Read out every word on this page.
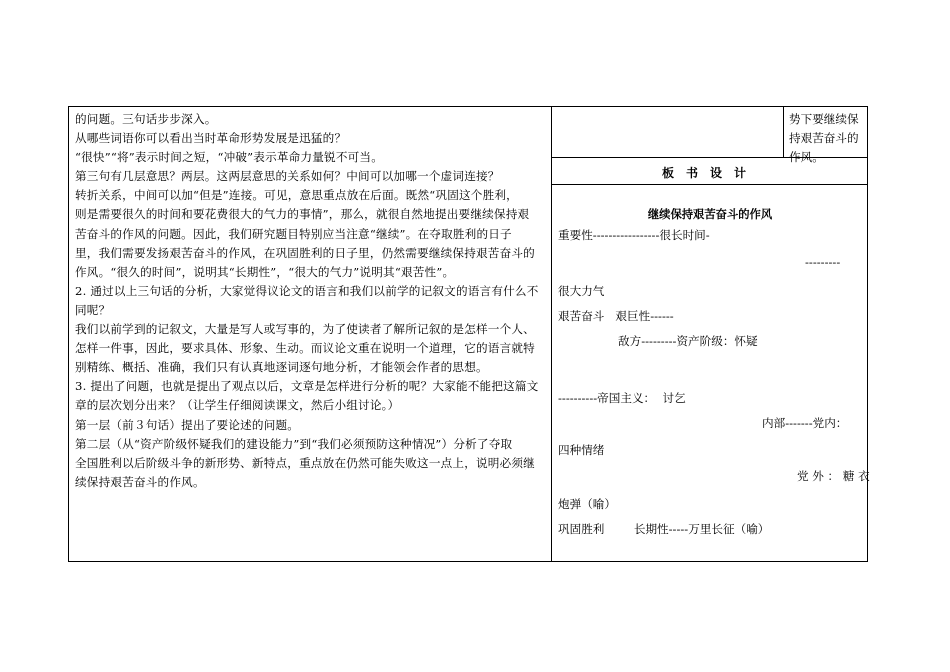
的问题。三句话步步深入。

从哪些词语你可以看出当时革命形势发展是迅猛的？

“很快”“将”表示时间之短，“冲破”表示革命力量锐不可当。

第三句有几层意思？两层。这两层意思的关系如何？中间可以加哪一个虚词连接？

转折关系，中间可以加“但是”连接。可见，意思重点放在后面。既然“巩固这个胜利，

则是需要很久的时间和要花费很大的气力的事情”，那么，就很自然地提出要继续保持艰

苦奋斗的作风的问题。因此，我们研究题目特别应当注意“继续”。在夺取胜利的日子

里，我们需要发扬艰苦奋斗的作风，在巩固胜利的日子里，仍然需要继续保持艰苦奋斗的

作风。“很久的时间”，说明其“长期性”，“很大的气力”说明其“艰苦性”。

2. 通过以上三句话的分析，大家觉得议论文的语言和我们以前学的记叙文的语言有什么不

同呢？

我们以前学到的记叙文，大量是写人或写事的，为了使读者了解所记叙的是怎样一个人、

怎样一件事，因此，要求具体、形象、生动。而议论文重在说明一个道理，它的语言就特

别精练、概括、准确，我们只有认真地逐词逐句地分析，才能领会作者的思想。

3. 提出了问题，也就是提出了观点以后，文章是怎样进行分析的呢？大家能不能把这篇文

章的层次划分出来？（让学生仔细阅读课文，然后小组讨论。）

第一层（前３句话）提出了要论述的问题。

第二层（从“资产阶级怀疑我们的建设能力”到“我们必须预防这种情况”）分析了夺取

全国胜利以后阶级斗争的新形势、新特点，重点放在仍然可能失败这一点上，说明必须继

续保持艰苦奋斗的作风。

势下要继续保
持艰苦奋斗的
作风。
板书设计
继续保持艰苦奋斗的作风
重要性-----------------很长时间-
---------
很大力气
艰苦奋斗   艰巨性------
敌方---------资产阶级：怀疑
----------帝国主义：  讨乞
内部-------党内：
四种情绪
党 外 ： 糖 衣
炮弹（喻）
巩固胜利        长期性-----万里长征（喻）
